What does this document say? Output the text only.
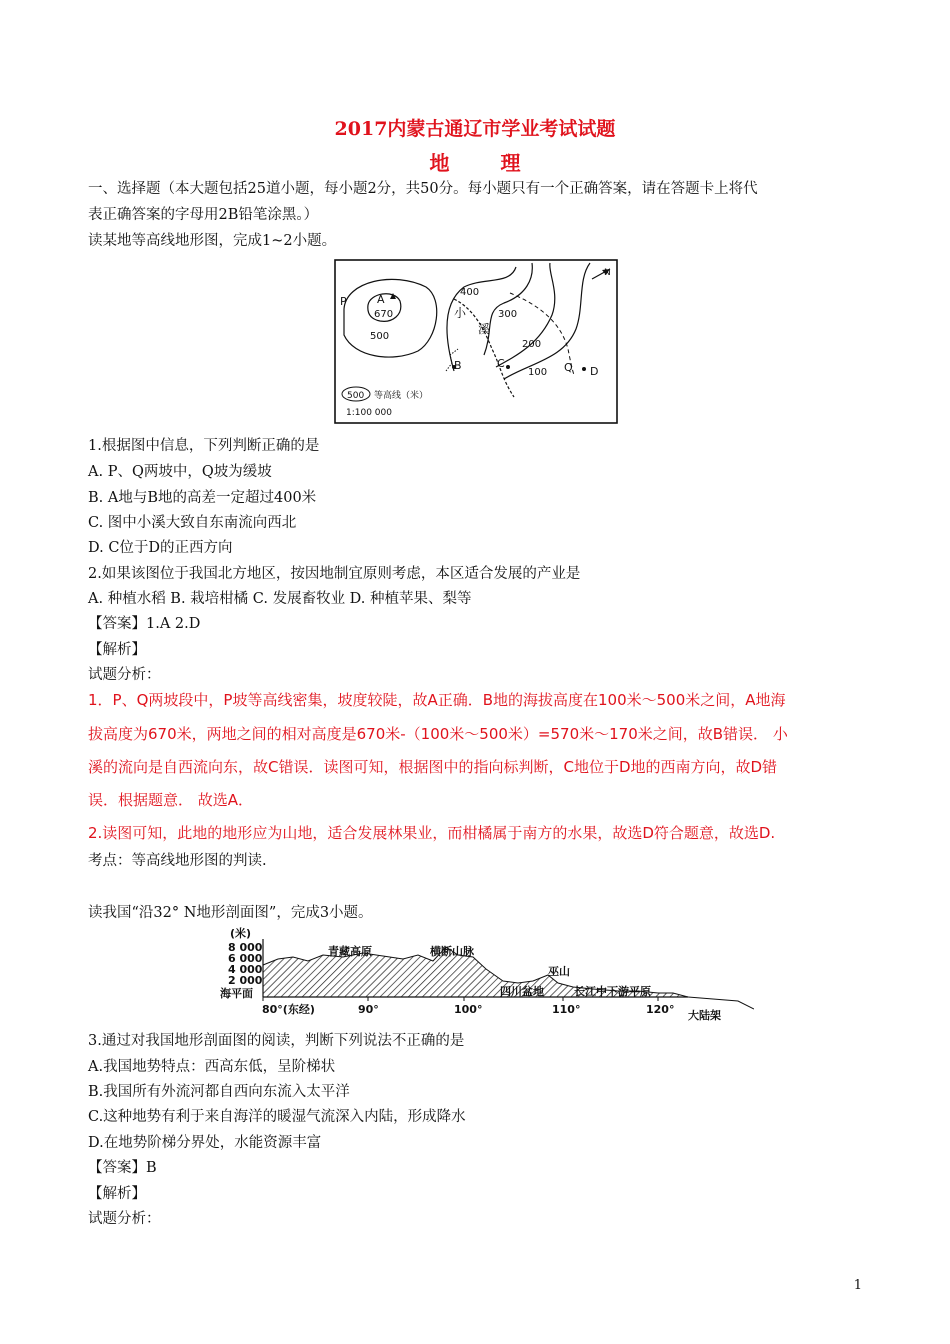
2017内蒙古通辽市学业考试试题
地 理
一、选择题（本大题包括25道小题，每小题2分，共50分。每小题只有一个正确答案，请在答题卡上将代
表正确答案的字母用2B铅笔涂黑。）
读某地等高线地形图，完成1~2小题。
P	A
670
500
400
300
200
100
小
溪
B	C	Q D
N
500 等高线（米）
1:100 000
1.根据图中信息，下列判断正确的是
A. P、Q两坡中，Q坡为缓坡
B. A地与B地的高差一定超过400米
C. 图中小溪大致自东南流向西北
D. C位于D的正西方向
2.如果该图位于我国北方地区，按因地制宜原则考虑，本区适合发展的产业是
A. 种植水稻 B. 栽培柑橘 C. 发展畜牧业 D. 种植苹果、梨等
【答案】1.A 2.D
【解析】
试题分析：
1．P、Q两坡段中，P坡等高线密集，坡度较陡，故A正确．B地的海拔高度在100米～500米之间，A地海
拔高度为670米，两地之间的相对高度是670米-（100米～500米）=570米～170米之间，故B错误． 小
溪的流向是自西流向东，故C错误．读图可知，根据图中的指向标判断，C地位于D地的西南方向，故D错
误．根据题意． 故选A．
2.读图可知，此地的地形应为山地，适合发展林果业，而柑橘属于南方的水果，故选D符合题意，故选D.
考点：等高线地形图的判读.
读我国“沿32° N地形剖面图”，完成3小题。
(米)
8 000
6 000
4 000
2 000
海平面
80°(东经)	90°	100°	110°	120°
青藏高原	横断山脉
四川盆地
巫山
长江中下游平原
大陆架
3.通过对我国地形剖面图的阅读，判断下列说法不正确的是
A.我国地势特点：西高东低，呈阶梯状
B.我国所有外流河都自西向东流入太平洋
C.这种地势有利于来自海洋的暖湿气流深入内陆，形成降水
D.在地势阶梯分界处，水能资源丰富
【答案】B
【解析】
试题分析：
1
